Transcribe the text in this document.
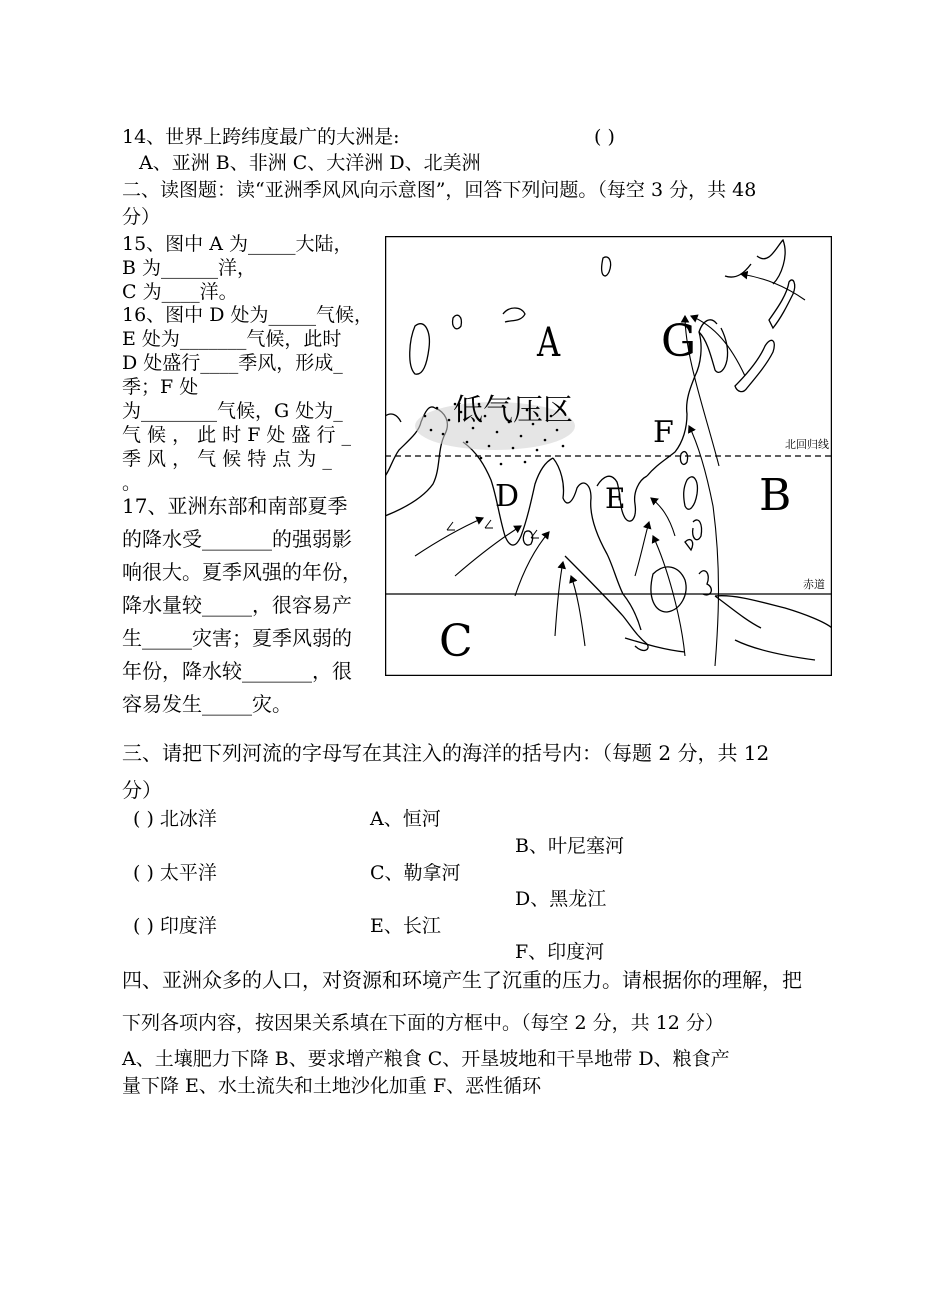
14、世界上跨纬度最广的大洲是:	( )
A、亚洲 B、非洲 C、大洋洲 D、北美洲
二、读图题：读“亚洲季风风向示意图”，回答下列问题。（每空 3 分，共 48
分）
15、图中 A 为_____大陆，
B 为______洋，
C 为____洋。
16、图中 D 处为_____气候，
E 处为_______气候，此时
D 处盛行____季风，形成_
季；F 处
为________气候，G 处为_
气 候 ， 此 时 F 处 盛 行 _
季 风 ， 气 候 特 点 为 _
。
17、亚洲东部和南部夏季
的降水受_______的强弱影
响很大。夏季风强的年份，
降水量较_____，很容易产
生_____灾害；夏季风弱的
年份，降水较_______，很
容易发生_____灾。
A G
B
C
D	E
F
低气压区
北回归线
赤道
三、请把下列河流的字母写在其注入的海洋的括号内：（每题 2 分，共 12
分）
( ) 北冰洋	A、恒河
B、叶尼塞河
( ) 太平洋	C、勒拿河
D、黑龙江
( ) 印度洋	E、长江
F、印度河
四、亚洲众多的人口，对资源和环境产生了沉重的压力。请根据你的理解，把
下列各项内容，按因果关系填在下面的方框中。（每空 2 分，共 12 分）
A、土壤肥力下降 B、要求增产粮食 C、开垦坡地和干旱地带 D、粮食产
量下降 E、水土流失和土地沙化加重 F、恶性循环
